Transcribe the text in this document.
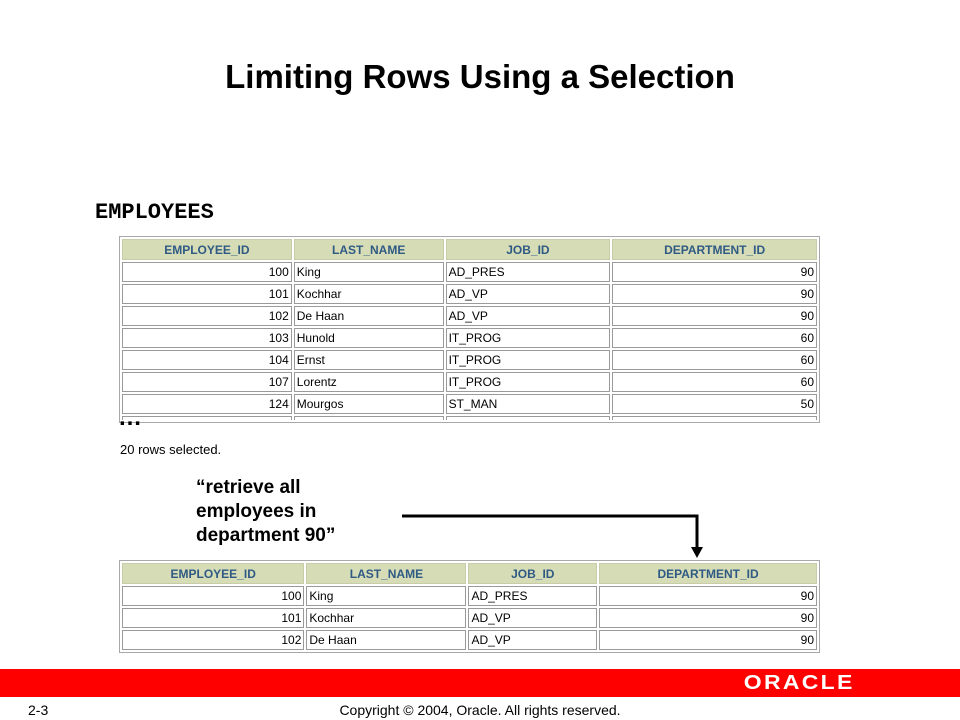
Limiting Rows Using a Selection
EMPLOYEES
EMPLOYEE_ID	LAST_NAME	JOB_ID	DEPARTMENT_ID
100	King	AD_PRES	90
101	Kochhar	AD_VP	90
102	De Haan	AD_VP	90
103	Hunold	IT_PROG	60
104	Ernst	IT_PROG	60
107	Lorentz	IT_PROG	60
124	Mourgos	ST_MAN	50

…
20 rows selected.
“retrieve all
employees in
department 90”
EMPLOYEE_ID	LAST_NAME	JOB_ID	DEPARTMENT_ID
100	King	AD_PRES	90
101	Kochhar	AD_VP	90
102	De Haan	AD_VP	90
ORACLE
2-3	Copyright © 2004, Oracle. All rights reserved.
